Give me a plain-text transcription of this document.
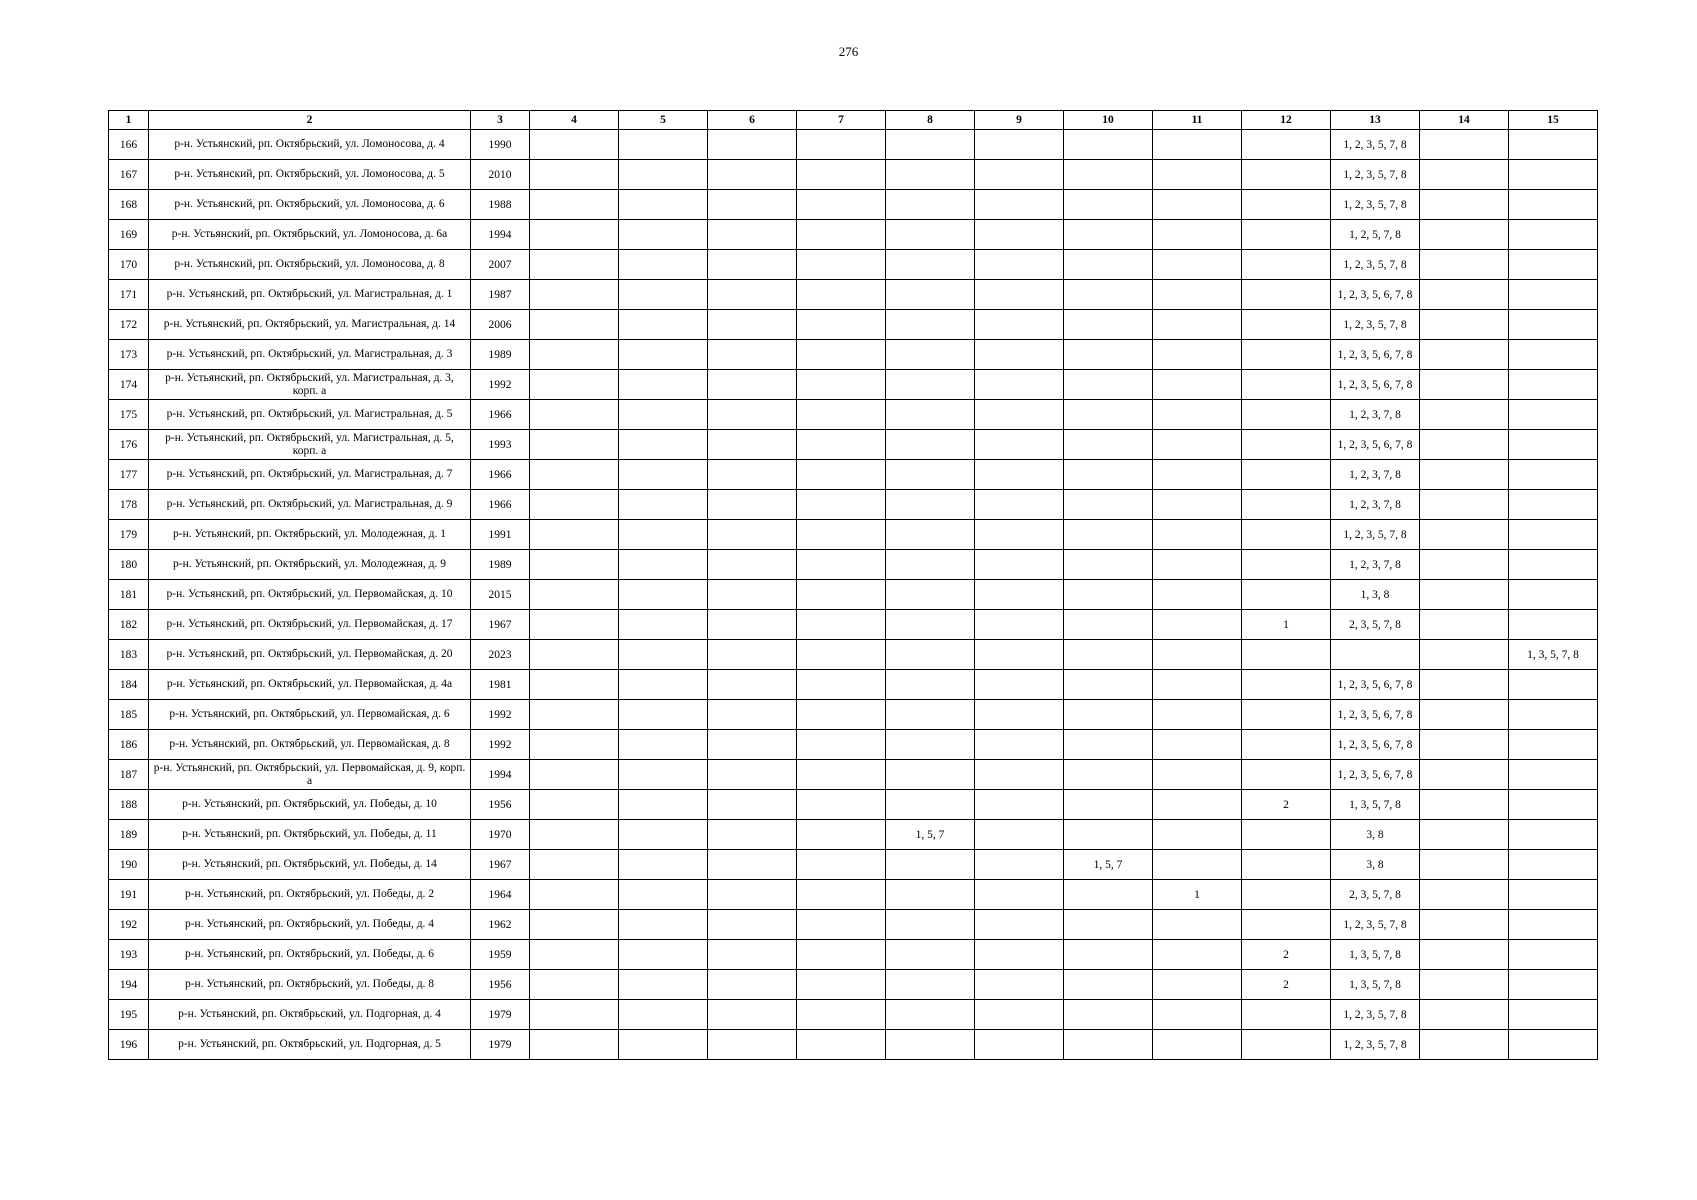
276
1	2	3	4	5	6	7	8	9	10	11	12	13	14	15
166	р-н. Устьянский, рп. Октябрьский, ул. Ломоносова, д. 4	1990										1, 2, 3, 5, 7, 8		
167	р-н. Устьянский, рп. Октябрьский, ул. Ломоносова, д. 5	2010										1, 2, 3, 5, 7, 8		
168	р-н. Устьянский, рп. Октябрьский, ул. Ломоносова, д. 6	1988										1, 2, 3, 5, 7, 8		
169	р-н. Устьянский, рп. Октябрьский, ул. Ломоносова, д. 6а	1994										1, 2, 5, 7, 8		
170	р-н. Устьянский, рп. Октябрьский, ул. Ломоносова, д. 8	2007										1, 2, 3, 5, 7, 8		
171	р-н. Устьянский, рп. Октябрьский, ул. Магистральная, д. 1	1987										1, 2, 3, 5, 6, 7, 8		
172	р-н. Устьянский, рп. Октябрьский, ул. Магистральная, д. 14	2006										1, 2, 3, 5, 7, 8		
173	р-н. Устьянский, рп. Октябрьский, ул. Магистральная, д. 3	1989										1, 2, 3, 5, 6, 7, 8		
174	р-н. Устьянский, рп. Октябрьский, ул. Магистральная, д. 3, корп. а	1992										1, 2, 3, 5, 6, 7, 8		
175	р-н. Устьянский, рп. Октябрьский, ул. Магистральная, д. 5	1966										1, 2, 3, 7, 8		
176	р-н. Устьянский, рп. Октябрьский, ул. Магистральная, д. 5, корп. а	1993										1, 2, 3, 5, 6, 7, 8		
177	р-н. Устьянский, рп. Октябрьский, ул. Магистральная, д. 7	1966										1, 2, 3, 7, 8		
178	р-н. Устьянский, рп. Октябрьский, ул. Магистральная, д. 9	1966										1, 2, 3, 7, 8		
179	р-н. Устьянский, рп. Октябрьский, ул. Молодежная, д. 1	1991										1, 2, 3, 5, 7, 8		
180	р-н. Устьянский, рп. Октябрьский, ул. Молодежная, д. 9	1989										1, 2, 3, 7, 8		
181	р-н. Устьянский, рп. Октябрьский, ул. Первомайская, д. 10	2015										1, 3, 8		
182	р-н. Устьянский, рп. Октябрьский, ул. Первомайская, д. 17	1967									1	2, 3, 5, 7, 8		
183	р-н. Устьянский, рп. Октябрьский, ул. Первомайская, д. 20	2023												1, 3, 5, 7, 8
184	р-н. Устьянский, рп. Октябрьский, ул. Первомайская, д. 4а	1981										1, 2, 3, 5, 6, 7, 8		
185	р-н. Устьянский, рп. Октябрьский, ул. Первомайская, д. 6	1992										1, 2, 3, 5, 6, 7, 8		
186	р-н. Устьянский, рп. Октябрьский, ул. Первомайская, д. 8	1992										1, 2, 3, 5, 6, 7, 8		
187	р-н. Устьянский, рп. Октябрьский, ул. Первомайская, д. 9, корп. а	1994										1, 2, 3, 5, 6, 7, 8		
188	р-н. Устьянский, рп. Октябрьский, ул. Победы, д. 10	1956									2	1, 3, 5, 7, 8		
189	р-н. Устьянский, рп. Октябрьский, ул. Победы, д. 11	1970					1, 5, 7					3, 8		
190	р-н. Устьянский, рп. Октябрьский, ул. Победы, д. 14	1967							1, 5, 7			3, 8		
191	р-н. Устьянский, рп. Октябрьский, ул. Победы, д. 2	1964								1		2, 3, 5, 7, 8		
192	р-н. Устьянский, рп. Октябрьский, ул. Победы, д. 4	1962										1, 2, 3, 5, 7, 8		
193	р-н. Устьянский, рп. Октябрьский, ул. Победы, д. 6	1959									2	1, 3, 5, 7, 8		
194	р-н. Устьянский, рп. Октябрьский, ул. Победы, д. 8	1956									2	1, 3, 5, 7, 8		
195	р-н. Устьянский, рп. Октябрьский, ул. Подгорная, д. 4	1979										1, 2, 3, 5, 7, 8		
196	р-н. Устьянский, рп. Октябрьский, ул. Подгорная, д. 5	1979										1, 2, 3, 5, 7, 8		
